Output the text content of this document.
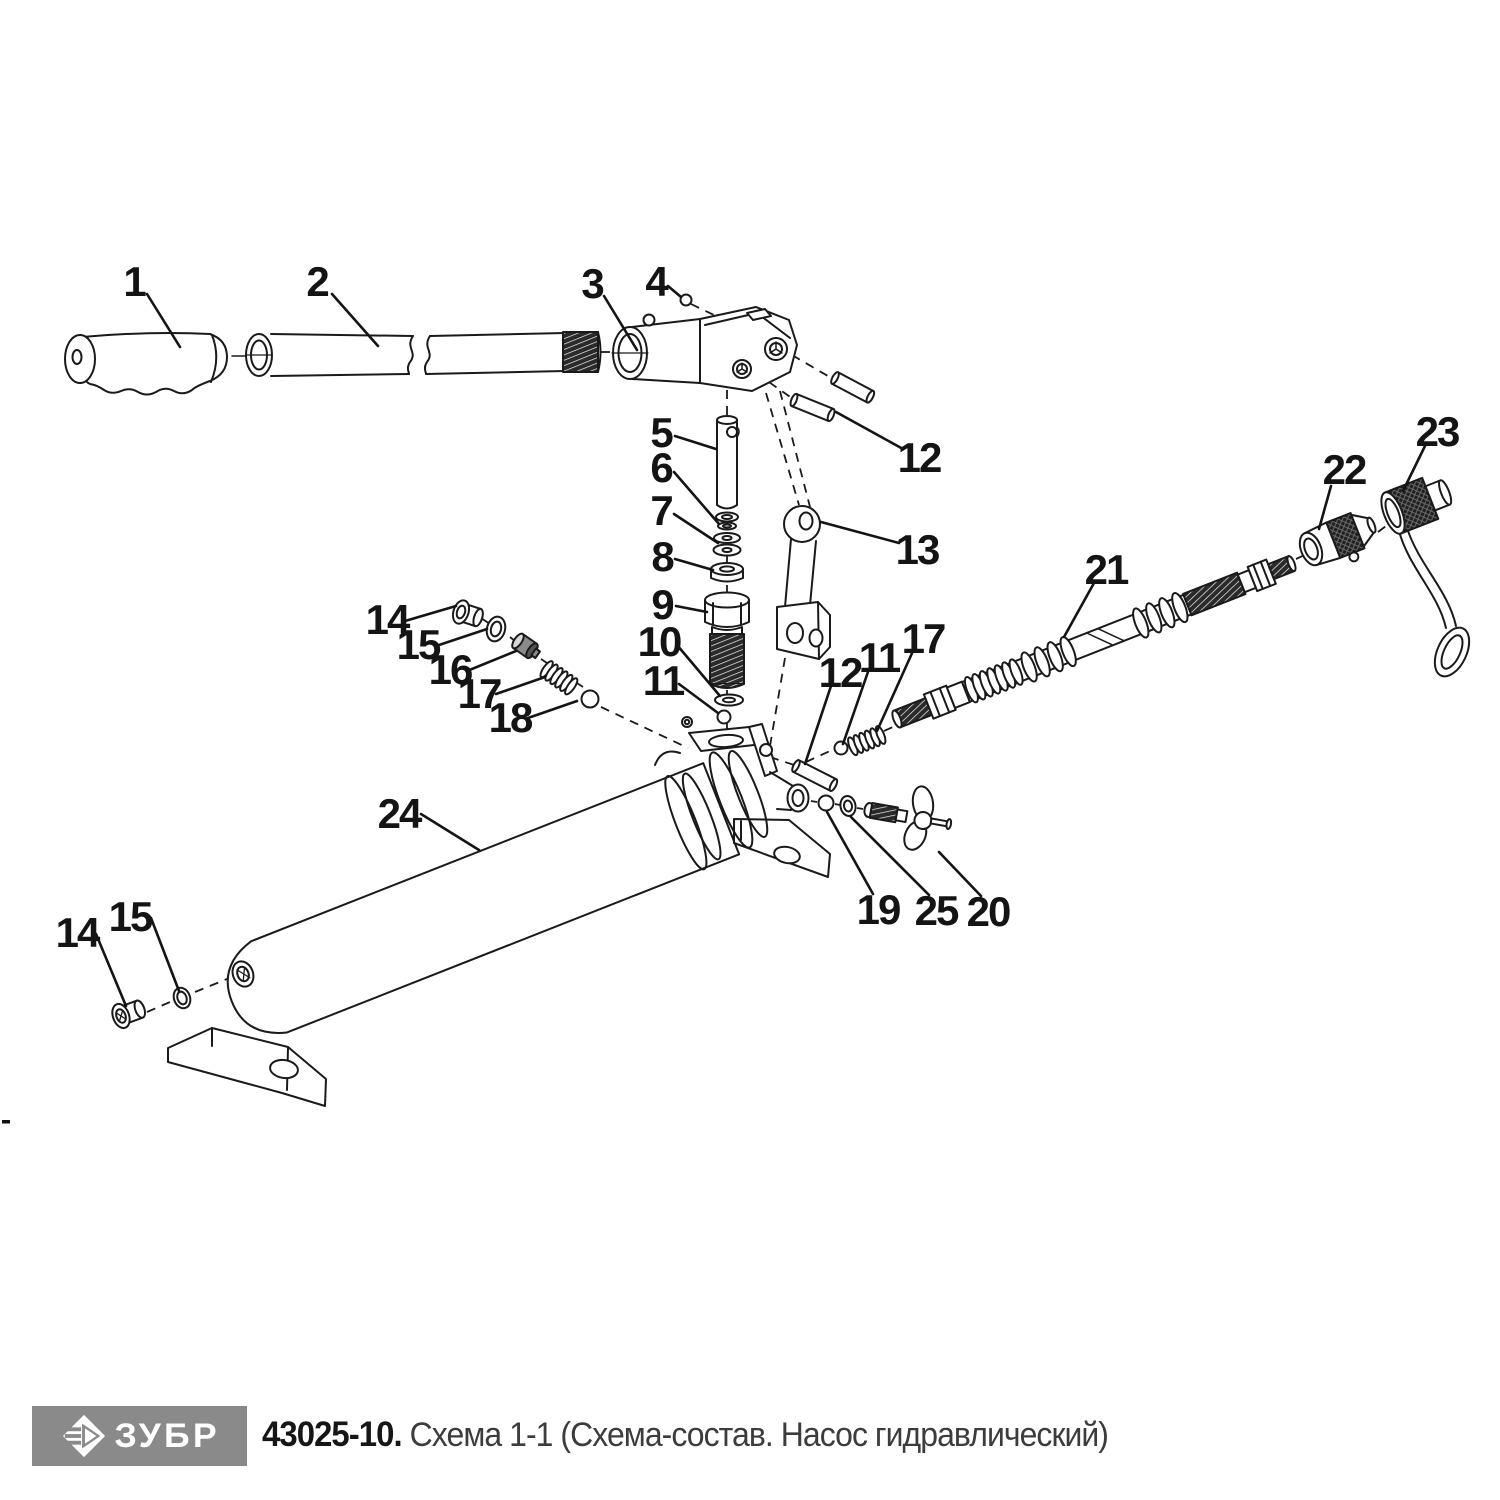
1	2	3 4
5
6
7
8
9
10
11
12
13
14
15
16
17
18
12
11 17
19 25 20
21
22
23
24
14 15
ЗУБР 43025-10. Схема 1-1 (Схема-состав. Насос гидравлический)
